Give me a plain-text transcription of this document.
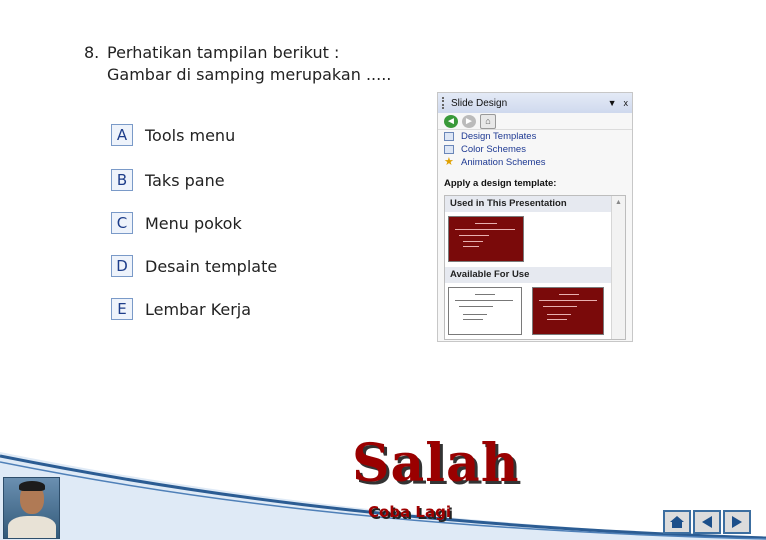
8. Perhatikan tampilan berikut :
Gambar di samping merupakan .....
A	Tools menu
B	Taks pane
C	Menu pokok
D	Desain template
E	Lembar Kerja
Slide Design	▼ x
◄ ►	⌂
Design Templates
Color Schemes
★ Animation Schemes
Apply a design template:
Used in This Presentation
Available For Use
▲
Salah
Coba Lagi
